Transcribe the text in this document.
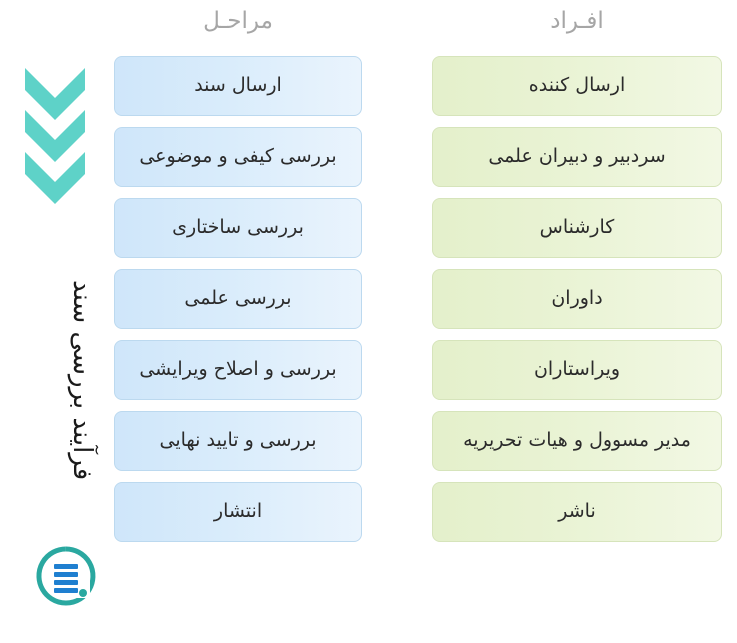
فرآیند بررسی سند
مراحـل	افـراد
ارسال سند
بررسی کیفی و موضوعی
بررسی ساختاری
بررسی علمی
بررسی و اصلاح ویرایشی
بررسی و تایید نهایی
انتشار
ارسال کننده
سردبیر و دبیران علمی
کارشناس
داوران
ویراستاران
مدیر مسوول و هیات تحریریه
ناشر
